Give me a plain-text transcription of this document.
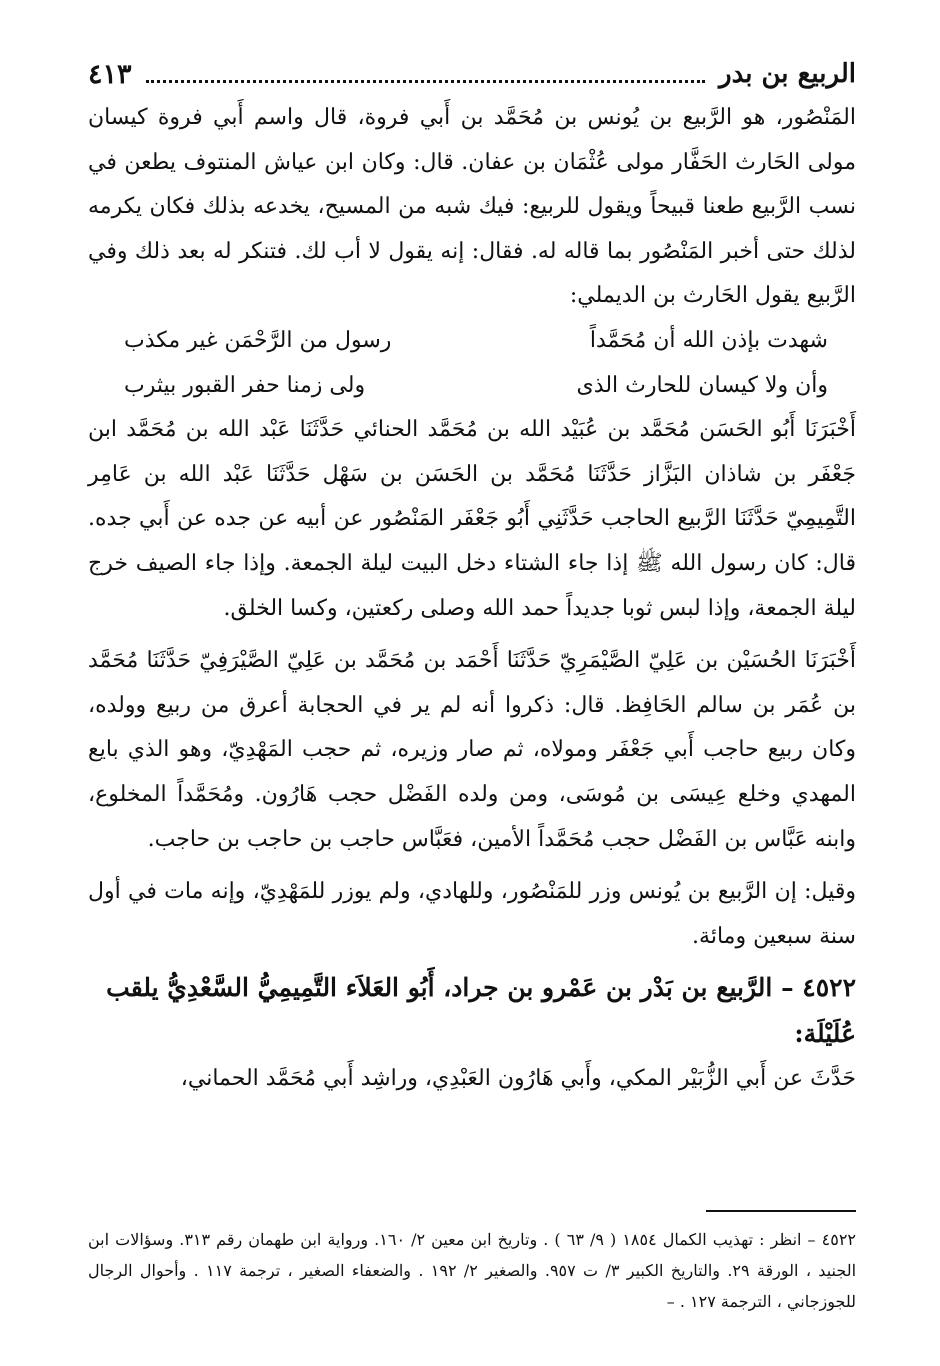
الربيع بن بدر
٤١٣

المَنْصُور، هو الرَّبيع بن يُونس بن مُحَمَّد بن أَبي فروة، قال واسم أَبي فروة كيسان مولى الحَارث الحَفَّار مولى عُثْمَان بن عفان. قال: وكان ابن عياش المنتوف يطعن في نسب الرَّبيع طعنا قبيحاً ويقول للربيع: فيك شبه من المسيح، يخدعه بذلك فكان يكرمه لذلك حتى أخبر المَنْصُور بما قاله له. فقال: إنه يقول لا أب لك. فتنكر له بعد ذلك وفي الرَّبيع يقول الحَارث بن الديملي:

شهدت بإذن الله أن مُحَمَّداً
رسول من الرَّحْمَن غير مكذب
وأن ولا كيسان للحارث الذى
ولى زمنا حفر القبور بيثرب

أَخْبَرَنَا أَبُو الحَسَن مُحَمَّد بن عُبَيْد الله بن مُحَمَّد الحنائي حَدَّثَنَا عَبْد الله بن مُحَمَّد ابن جَعْفَر بن شاذان البَزَّاز حَدَّثَنَا مُحَمَّد بن الحَسَن بن سَهْل حَدَّثَنَا عَبْد الله بن عَامِر التَّمِيمِيّ حَدَّثَنَا الرَّبيع الحاجب حَدَّثَنِي أَبُو جَعْفَر المَنْصُور عن أبيه عن جده عن أَبي جده. قال: كان رسول الله ﷺ إذا جاء الشتاء دخل البيت ليلة الجمعة. وإذا جاء الصيف خرج ليلة الجمعة، وإذا لبس ثوبا جديداً حمد الله وصلى ركعتين، وكسا الخلق.

أَخْبَرَنَا الحُسَيْن بن عَلِيّ الصَّيْمَرِيّ حَدَّثَنَا أَحْمَد بن مُحَمَّد بن عَلِيّ الصَّيْرَفِيّ حَدَّثَنَا مُحَمَّد بن عُمَر بن سالم الحَافِظ. قال: ذكروا أنه لم ير في الحجابة أعرق من ربيع وولده، وكان ربيع حاجب أَبي جَعْفَر ومولاه، ثم صار وزيره، ثم حجب المَهْدِيّ، وهو الذي بايع المهدي وخلع عِيسَى بن مُوسَى، ومن ولده الفَضْل حجب هَارُون. ومُحَمَّداً المخلوع، وابنه عَبَّاس بن الفَضْل حجب مُحَمَّداً الأمين، فعَبَّاس حاجب بن حاجب بن حاجب.

وقيل: إن الرَّبيع بن يُونس وزر للمَنْصُور، وللهادي، ولم يوزر للمَهْدِيّ، وإنه مات في أول سنة سبعين ومائة.

٤٥٢٢ – الرَّبيع بن بَدْر بن عَمْرو بن جراد، أَبُو العَلاَء التَّمِيمِيُّ السَّعْدِيُّ يلقب عُلَيْلَة:

حَدَّثَ عن أَبي الزُّبَيْر المكي، وأَبي هَارُون العَبْدِي، وراشِد أَبي مُحَمَّد الحماني،

٤٥٢٢ – انظر : تهذيب الكمال ١٨٥٤ ( ٩/ ٦٣ ) . وتاريخ ابن معين ٢/ ١٦٠. ورواية ابن طهمان رقم ٣١٣. وسؤالات ابن الجنيد ، الورقة ٢٩. والتاريخ الكبير ٣/ ت ٩٥٧. والصغير ٢/ ١٩٢ . والضعفاء الصغير ، ترجمة ١١٧ . وأحوال الرجال للجوزجاني ، الترجمة ١٢٧ . –
